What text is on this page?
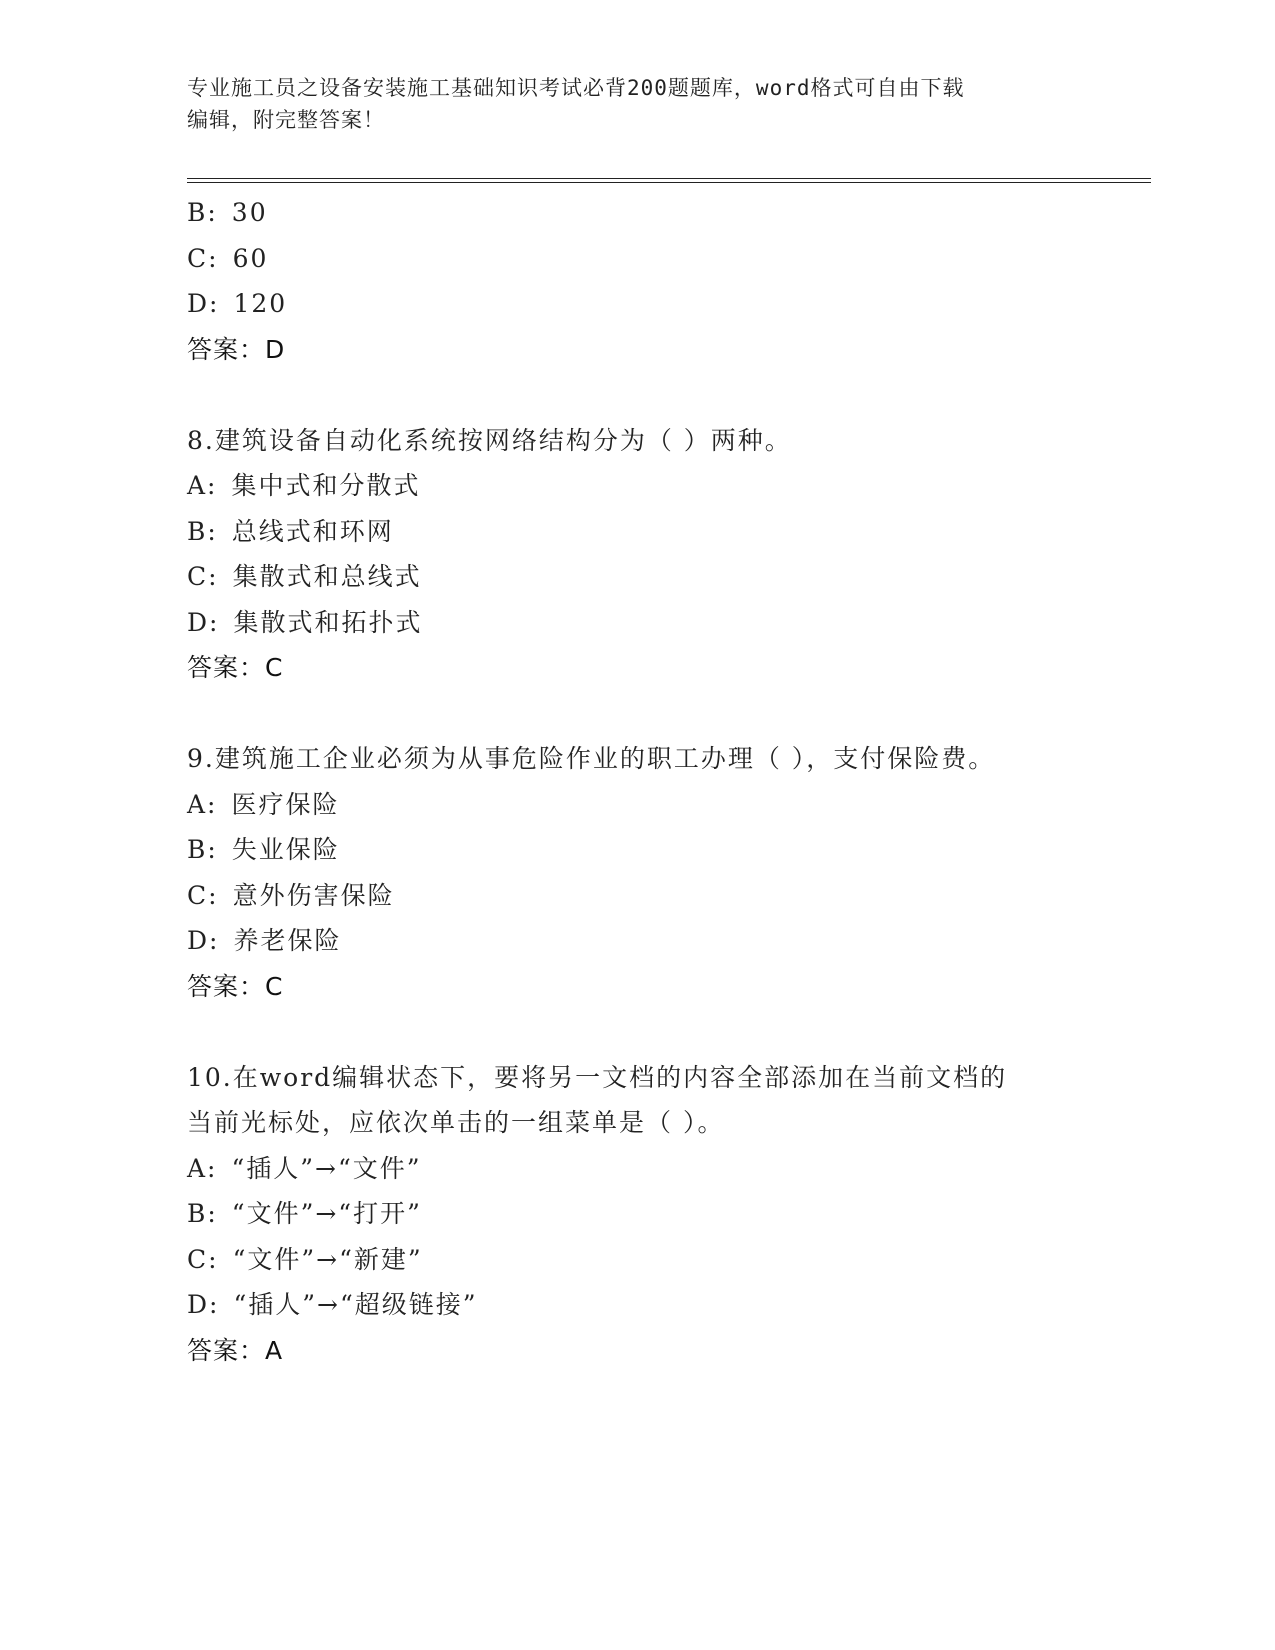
专业施工员之设备安装施工基础知识考试必背200题题库，word格式可自由下载
编辑，附完整答案！
B: 30
C: 60
D: 120
答案：D
8.建筑设备自动化系统按网络结构分为（ ）两种。
A: 集中式和分散式
B: 总线式和环网
C: 集散式和总线式
D: 集散式和拓扑式
答案：C
9.建筑施工企业必须为从事危险作业的职工办理（ ），支付保险费。
A: 医疗保险
B: 失业保险
C: 意外伤害保险
D: 养老保险
答案：C
10.在word编辑状态下，要将另一文档的内容全部添加在当前文档的
当前光标处，应依次单击的一组菜单是（ ）。
A: “插人”→“文件”
B: “文件”→“打开”
C: “文件”→“新建”
D: “插人”→“超级链接”
答案：A
